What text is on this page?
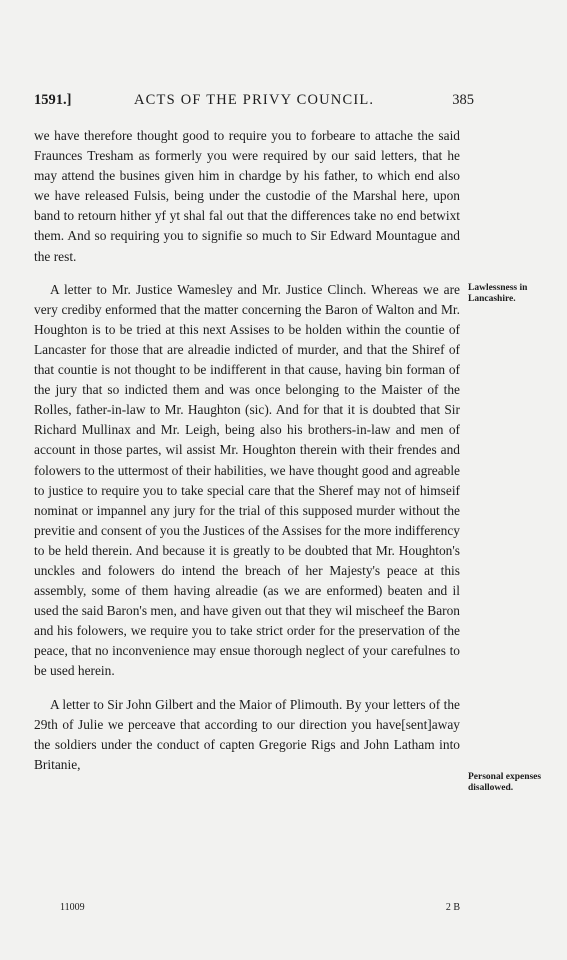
1591.]	ACTS OF THE PRIVY COUNCIL.	385

we have therefore thought good to require you to forbeare to attache the said Fraunces Tresham as formerly you were required by our said letters, that he may attend the busines given him in chardge by his father, to which end also we have released Fulsis, being under the custodie of the Marshal here, upon band to retourn hither yf yt shal fal out that the differences take no end betwixt them. And so requiring you to signifie so much to Sir Edward Mountague and the rest.

A letter to Mr. Justice Wamesley and Mr. Justice Clinch. Whereas we are very crediby enformed that the matter concerning the Baron of Walton and Mr. Houghton is to be tried at this next Assises to be holden within the countie of Lancaster for those that are alreadie indicted of murder, and that the Shiref of that countie is not thought to be indifferent in that cause, having bin forman of the jury that so indicted them and was once belonging to the Maister of the Rolles, father-in-law to Mr. Haughton (sic). And for that it is doubted that Sir Richard Mullinax and Mr. Leigh, being also his brothers-in-law and men of account in those partes, wil assist Mr. Houghton therein with their frendes and folowers to the uttermost of their habilities, we have thought good and agreable to justice to require you to take special care that the Sheref may not of himseif nominat or impannel any jury for the trial of this supposed murder without the previtie and consent of you the Justices of the Assises for the more indifferency to be held therein. And because it is greatly to be doubted that Mr. Houghton's unckles and folowers do intend the breach of her Majesty's peace at this assembly, some of them having alreadie (as we are enformed) beaten and il used the said Baron's men, and have given out that they wil mischeef the Baron and his folowers, we require you to take strict order for the preservation of the peace, that no inconvenience may ensue thorough neglect of your carefulnes to be used herein.

A letter to Sir John Gilbert and the Maior of Plimouth. By your letters of the 29th of Julie we perceave that according to our direction you have[sent]away the soldiers under the conduct of capten Gregorie Rigs and John Latham into Britanie,

Lawlessness in Lancashire.
Personal expenses disallowed.
11009	2 B
